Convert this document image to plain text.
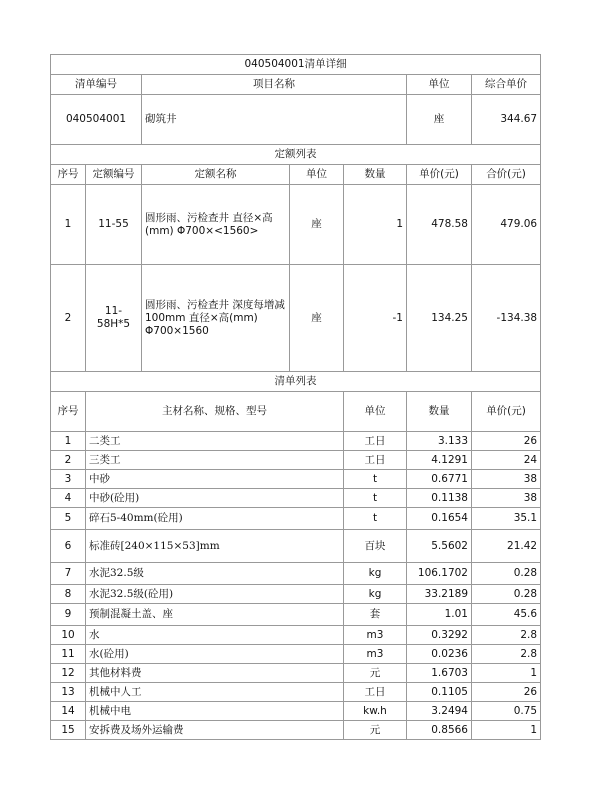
040504001清单详细							
清单编号		项目名称			单位	综合单价	
040504001		砌筑井			座	344.67	
定额列表							
序号	定额编号	定额名称	单位	数量	单价(元)	合价(元)	
1	11-55	圆形雨、污检查井 直径×高(mm) Φ700×<1560>	座	1	478.58	479.06	
2	11-58H*5	圆形雨、污检查井 深度每增减100mm 直径×高(mm) Φ700×1560	座	-1	134.25	-134.38	
清单列表							
序号	主材名称、规格、型号			单位	数量	单价(元)	
1	二类工			工日	3.133	26	
2	三类工			工日	4.1291	24	
3	中砂			t	0.6771	38	
4	中砂(砼用)			t	0.1138	38	
5	碎石5-40mm(砼用)			t	0.1654	35.1	
6	标准砖[240×115×53]mm			百块	5.5602	21.42	
7	水泥32.5级			kg	106.1702	0.28	
8	水泥32.5级(砼用)			kg	33.2189	0.28	
9	预制混凝土盖、座			套	1.01	45.6	
10	水			m3	0.3292	2.8	
11	水(砼用)			m3	0.0236	2.8	
12	其他材料费			元	1.6703	1	
13	机械中人工			工日	0.1105	26	
14	机械中电			kw.h	3.2494	0.75	
15	安拆费及场外运输费			元	0.8566	1	
